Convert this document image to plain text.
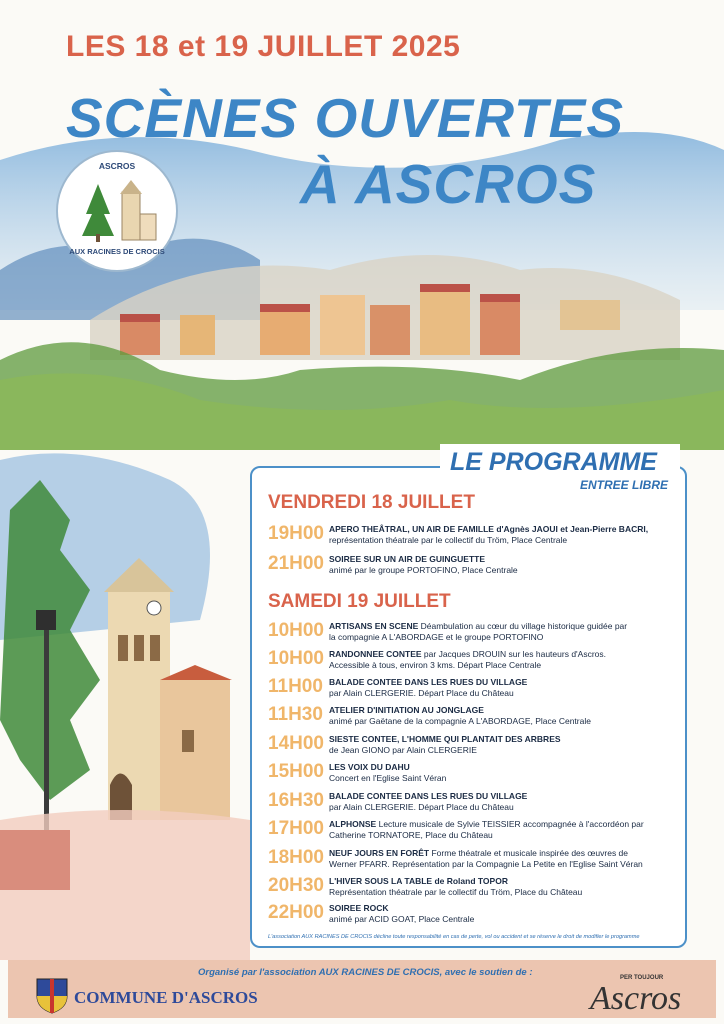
LES 18 et 19 JUILLET 2025
SCÈNES OUVERTES
À ASCROS
ASCROS
AUX RACINES DE CROCIS
LE PROGRAMME
ENTREE LIBRE
VENDREDI 18 JUILLET
19H00 APERO THEÂTRAL, UN AIR DE FAMILLE d'Agnès JAOUI et Jean-Pierre BACRI,
représentation théatrale par le collectif du Tröm, Place Centrale
21H00 SOIREE SUR UN AIR DE GUINGUETTE
animé par le groupe PORTOFINO, Place Centrale
SAMEDI 19 JUILLET
10H00 ARTISANS EN SCENE Déambulation au cœur du village historique guidée par
la compagnie A L'ABORDAGE et le groupe PORTOFINO
10H00 RANDONNEE CONTEE par Jacques DROUIN sur les hauteurs d'Ascros.
Accessible à tous, environ 3 kms. Départ Place Centrale
11H00 BALADE CONTEE DANS LES RUES DU VILLAGE
par Alain CLERGERIE. Départ Place du Château
11H30 ATELIER D'INITIATION AU JONGLAGE
animé par Gaëtane de la compagnie A L'ABORDAGE, Place Centrale
14H00 SIESTE CONTEE, L'HOMME QUI PLANTAIT DES ARBRES
de Jean GIONO par Alain CLERGERIE
15H00 LES VOIX DU DAHU
Concert en l'Eglise Saint Véran
16H30 BALADE CONTEE DANS LES RUES DU VILLAGE
par Alain CLERGERIE. Départ Place du Château
17H00 ALPHONSE Lecture musicale de Sylvie TEISSIER accompagnée à l'accordéon par
Catherine TORNATORE, Place du Château
18H00 NEUF JOURS EN FORÊT Forme théatrale et musicale inspirée des œuvres de
Werner PFARR. Représentation par la Compagnie La Petite en l'Eglise Saint Véran
20H30 L'HIVER SOUS LA TABLE de Roland TOPOR
Représentation théatrale par le collectif du Tröm, Place du Château
22H00 SOIREE ROCK
animé par ACID GOAT, Place Centrale
L'association AUX RACINES DE CROCIS décline toute responsabilité en cas de perte, vol ou accident et se réserve le droit de modifier le programme
Organisé par l'association AUX RACINES DE CROCIS, avec le soutien de :
COMMUNE D'ASCROS
PER TOUJOUR
Ascros
